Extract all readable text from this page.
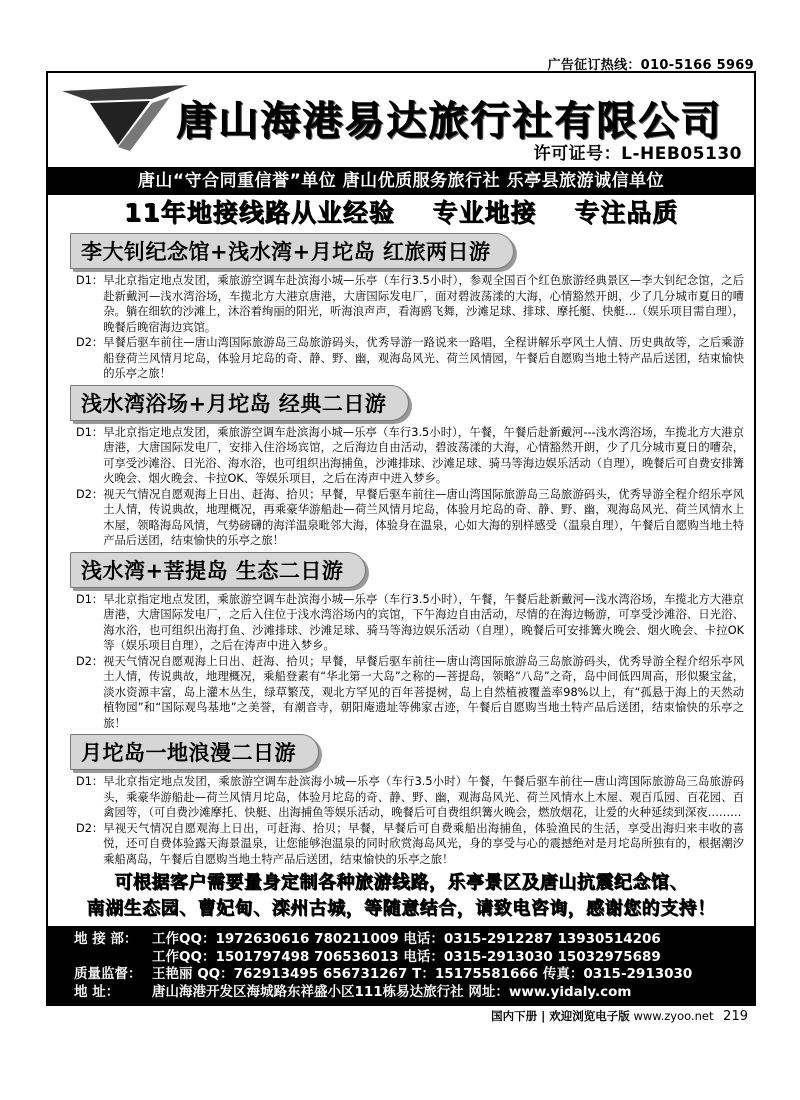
广告征订热线：010-5166 5969
唐山海港易达旅行社有限公司
许可证号：L-HEB05130
唐山“守合同重信誉”单位 唐山优质服务旅行社 乐亭县旅游诚信单位
11年地接线路从业经验 专业地接 专注品质
李大钊纪念馆+浅水湾+月坨岛 红旅两日游
D1： 早北京指定地点发团，乘旅游空调车赴滨海小城—乐亭（车行3.5小时），参观全国百个红色旅游经典景区—李大钊纪念馆，之后赴新戴河—浅水湾浴场，车揽北方大港京唐港，大唐国际发电厂，面对碧波荡漾的大海，心情豁然开朗，少了几分城市夏日的嘈杂。躺在细软的沙滩上，沐浴着绚丽的阳光，听海浪声声，看海鸥飞舞，沙滩足球、排球、摩托艇、快艇…（娱乐项目需自理），晚餐后晚宿海边宾馆。
D2： 早餐后驱车前往—唐山湾国际旅游岛三岛旅游码头，优秀导游一路说来一路唱，全程讲解乐亭风土人情、历史典故等，之后乘游船登荷兰风情月坨岛，体验月坨岛的奇、静、野、幽，观海岛风光、荷兰风情园，午餐后自愿购当地土特产品后送团，结束愉快的乐亭之旅！
浅水湾浴场+月坨岛 经典二日游
D1： 早北京指定地点发团，乘旅游空调车赴滨海小城—乐亭（车行3.5小时），午餐，午餐后赴新戴河---浅水湾浴场，车揽北方大港京唐港，大唐国际发电厂，安排入住浴场宾馆，之后海边自由活动，碧波荡漾的大海，心情豁然开朗，少了几分城市夏日的嘈杂，可享受沙滩浴、日光浴、海水浴，也可组织出海捕鱼，沙滩排球、沙滩足球、骑马等海边娱乐活动（自理），晚餐后可自费安排篝火晚会、烟火晚会、卡拉OK、等娱乐项目，之后在涛声中进入梦乡。
D2： 视天气情况自愿观海上日出、赶海、拾贝；早餐，早餐后驱车前往—唐山湾国际旅游岛三岛旅游码头，优秀导游全程介绍乐亭风土人情，传说典故，地理概况，再乘豪华游船赴—荷兰风情月坨岛，体验月坨岛的奇、静、野、幽，观海岛风光、荷兰风情水上木屋，领略海岛风情，气势磅礴的海洋温泉毗邻大海，体验身在温泉，心如大海的别样感受（温泉自理），午餐后自愿购当地土特产品后送团，结束愉快的乐亭之旅！
浅水湾+菩提岛 生态二日游
D1： 早北京指定地点发团，乘旅游空调车赴滨海小城—乐亭（车行3.5小时），午餐，午餐后赴新戴河—浅水湾浴场，车揽北方大港京唐港，大唐国际发电厂，之后入住位于浅水湾浴场内的宾馆，下午海边自由活动，尽情的在海边畅游，可享受沙滩浴、日光浴、海水浴，也可组织出海打鱼、沙滩排球、沙滩足球、骑马等海边娱乐活动（自理），晚餐后可安排篝火晚会、烟火晚会、卡拉OK等（娱乐项目自理），之后在涛声中进入梦乡。
D2： 视天气情况自愿观海上日出、赶海、拾贝；早餐，早餐后驱车前往—唐山湾国际旅游岛三岛旅游码头，优秀导游全程介绍乐亭风土人情，传说典故，地理概况，乘船登素有“华北第一大岛”之称的—菩提岛，领略“八岛”之奇，岛中间低四周高，形似聚宝盆，淡水资源丰富，岛上灌木丛生，绿草繁茂，观北方罕见的百年菩提树，岛上自然植被覆盖率98%以上，有“孤悬于海上的天然动植物园”和“国际观鸟基地”之美誉，有潮音寺，朝阳庵遗址等佛家古迹，午餐后自愿购当地土特产品后送团，结束愉快的乐亭之旅！
月坨岛一地浪漫二日游
D1： 早北京指定地点发团，乘旅游空调车赴滨海小城—乐亭（车行3.5小时）午餐，午餐后驱车前往—唐山湾国际旅游岛三岛旅游码头，乘豪华游船赴—荷兰风情月坨岛，体验月坨岛的奇、静、野、幽，观海岛风光、荷兰风情水上木屋、观百瓜园、百花园、百禽园等，（可自费沙滩摩托、快艇、出海捕鱼等娱乐活动，晚餐后可自费组织篝火晚会，燃放烟花，让爱的火种延续到深夜………
D2： 早视天气情况自愿观海上日出，可赶海、拾贝；早餐，早餐后可自费乘船出海捕鱼，体验渔民的生活，享受出海归来丰收的喜悦，还可自费体验露天海景温泉，让您能够泡温泉的同时欣赏海岛风光，身的享受与心的震撼绝对是月坨岛所独有的，根据潮汐乘船离岛，午餐后自愿购当地土特产品后送团，结束愉快的乐亭之旅！
可根据客户需要量身定制各种旅游线路，乐亭景区及唐山抗震纪念馆、
南湖生态园、曹妃甸、滦州古城，等随意结合，请致电咨询，感谢您的支持！
地 接 部：	工作QQ：1972630616 780211009 电话：0315-2912287 13930514206
工作QQ：1501797498 706536013 电话：0315-2913030 15032975689
质量监督： 王艳丽 QQ：762913495 656731267 T：15175581666 传真：0315-2913030
地 址：	唐山海港开发区海城路东祥盛小区111栋易达旅行社 网址：www.yidaly.com
国内下册 | 欢迎浏览电子版 www.zyoo.net 219
